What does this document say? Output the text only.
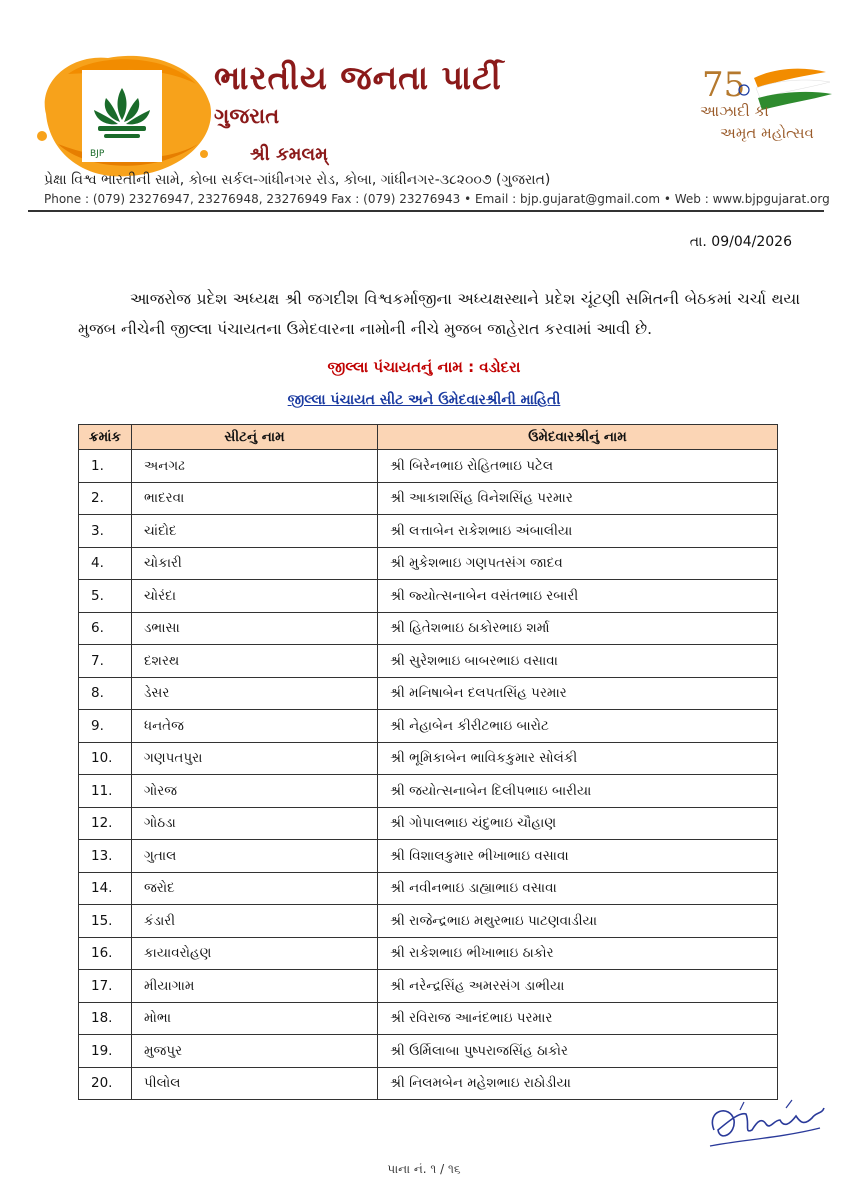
BJP
ભારતીય જનતા પાર્ટી
ગુજરાત
શ્રી કમલમ્
75
આઝાદી કા
અમૃત મહોત્સવ
પ્રેક્ષા વિશ્વ ભારતીની સામે, કોબા સર્કલ-ગાંધીનગર રોડ, કોબા, ગાંધીનગર-૩૮૨૦૦૭ (ગુજરાત)
Phone : (079) 23276947, 23276948, 23276949 Fax : (079) 23276943 • Email : bjp.gujarat@gmail.com • Web : www.bjpgujarat.org
તા. 09/04/2026
આજરોજ પ્રદેશ અધ્યક્ષ શ્રી જગદીશ વિશ્વકર્માજીના અધ્યક્ષસ્થાને પ્રદેશ ચૂંટણી સમિતની બેઠકમાં ચર્ચા થયા મુજબ નીચેની જીલ્લા પંચાયતના ઉમેદવારના નામોની નીચે મુજબ જાહેરાત કરવામાં આવી છે.
જીલ્લા પંચાયતનું નામ : વડોદરા
જીલ્લા પંચાયત સીટ અને ઉમેદવારશ્રીની માહિતી
ક્રમાંક	સીટનું નામ	ઉમેદવારશ્રીનું નામ
1.	અનગઢ	શ્રી બિરેનભાઇ રોહિતભાઇ પટેલ
2.	ભાદરવા	શ્રી આકાશસિંહ વિનેશસિંહ પરમાર
3.	ચાંદોદ	શ્રી લત્તાબેન રાકેશભાઇ અંબાલીયા
4.	ચોકારી	શ્રી મુકેશભાઇ ગણપતસંગ જાદવ
5.	ચોરંદા	શ્રી જ્યોત્સનાબેન વસંતભાઇ રબારી
6.	ડભાસા	શ્રી હિતેશભાઇ ઠાકોરભાઇ શર્મા
7.	દશરથ	શ્રી સુરેશભાઇ બાબરભાઇ વસાવા
8.	ડેસર	શ્રી મનિષાબેન દલપતસિંહ પરમાર
9.	ધનતેજ	શ્રી નેહાબેન કીરીટભાઇ બારોટ
10.	ગણપતપુરા	શ્રી ભૂમિકાબેન ભાવિકકુમાર સોલંકી
11.	ગોરજ	શ્રી જયોત્સનાબેન દિલીપભાઇ બારીયા
12.	ગોઠડા	શ્રી ગોપાલભાઇ ચંદુભાઇ ચૌહાણ
13.	ગુતાલ	શ્રી વિશાલકુમાર ભીખાભાઇ વસાવા
14.	જરોદ	શ્રી નવીનભાઇ ડાહ્યાભાઇ વસાવા
15.	કંડારી	શ્રી રાજેન્દ્રભાઇ મથુરભાઇ પાટણવાડીયા
16.	કાયાવરોહણ	શ્રી રાકેશભાઇ ભીખાભાઇ ઠાકોર
17.	મીયાગામ	શ્રી નરેન્દ્રસિંહ અમરસંગ ડાભીયા
18.	મોભા	શ્રી રવિરાજ આનંદભાઇ પરમાર
19.	મુજપુર	શ્રી ઉર્મિલાબા પુષ્પરાજસિંહ ઠાકોર
20.	પીલોલ	શ્રી નિલમબેન મહેશભાઇ રાઠોડીયા
પાના નં. ૧ / ૧૬
